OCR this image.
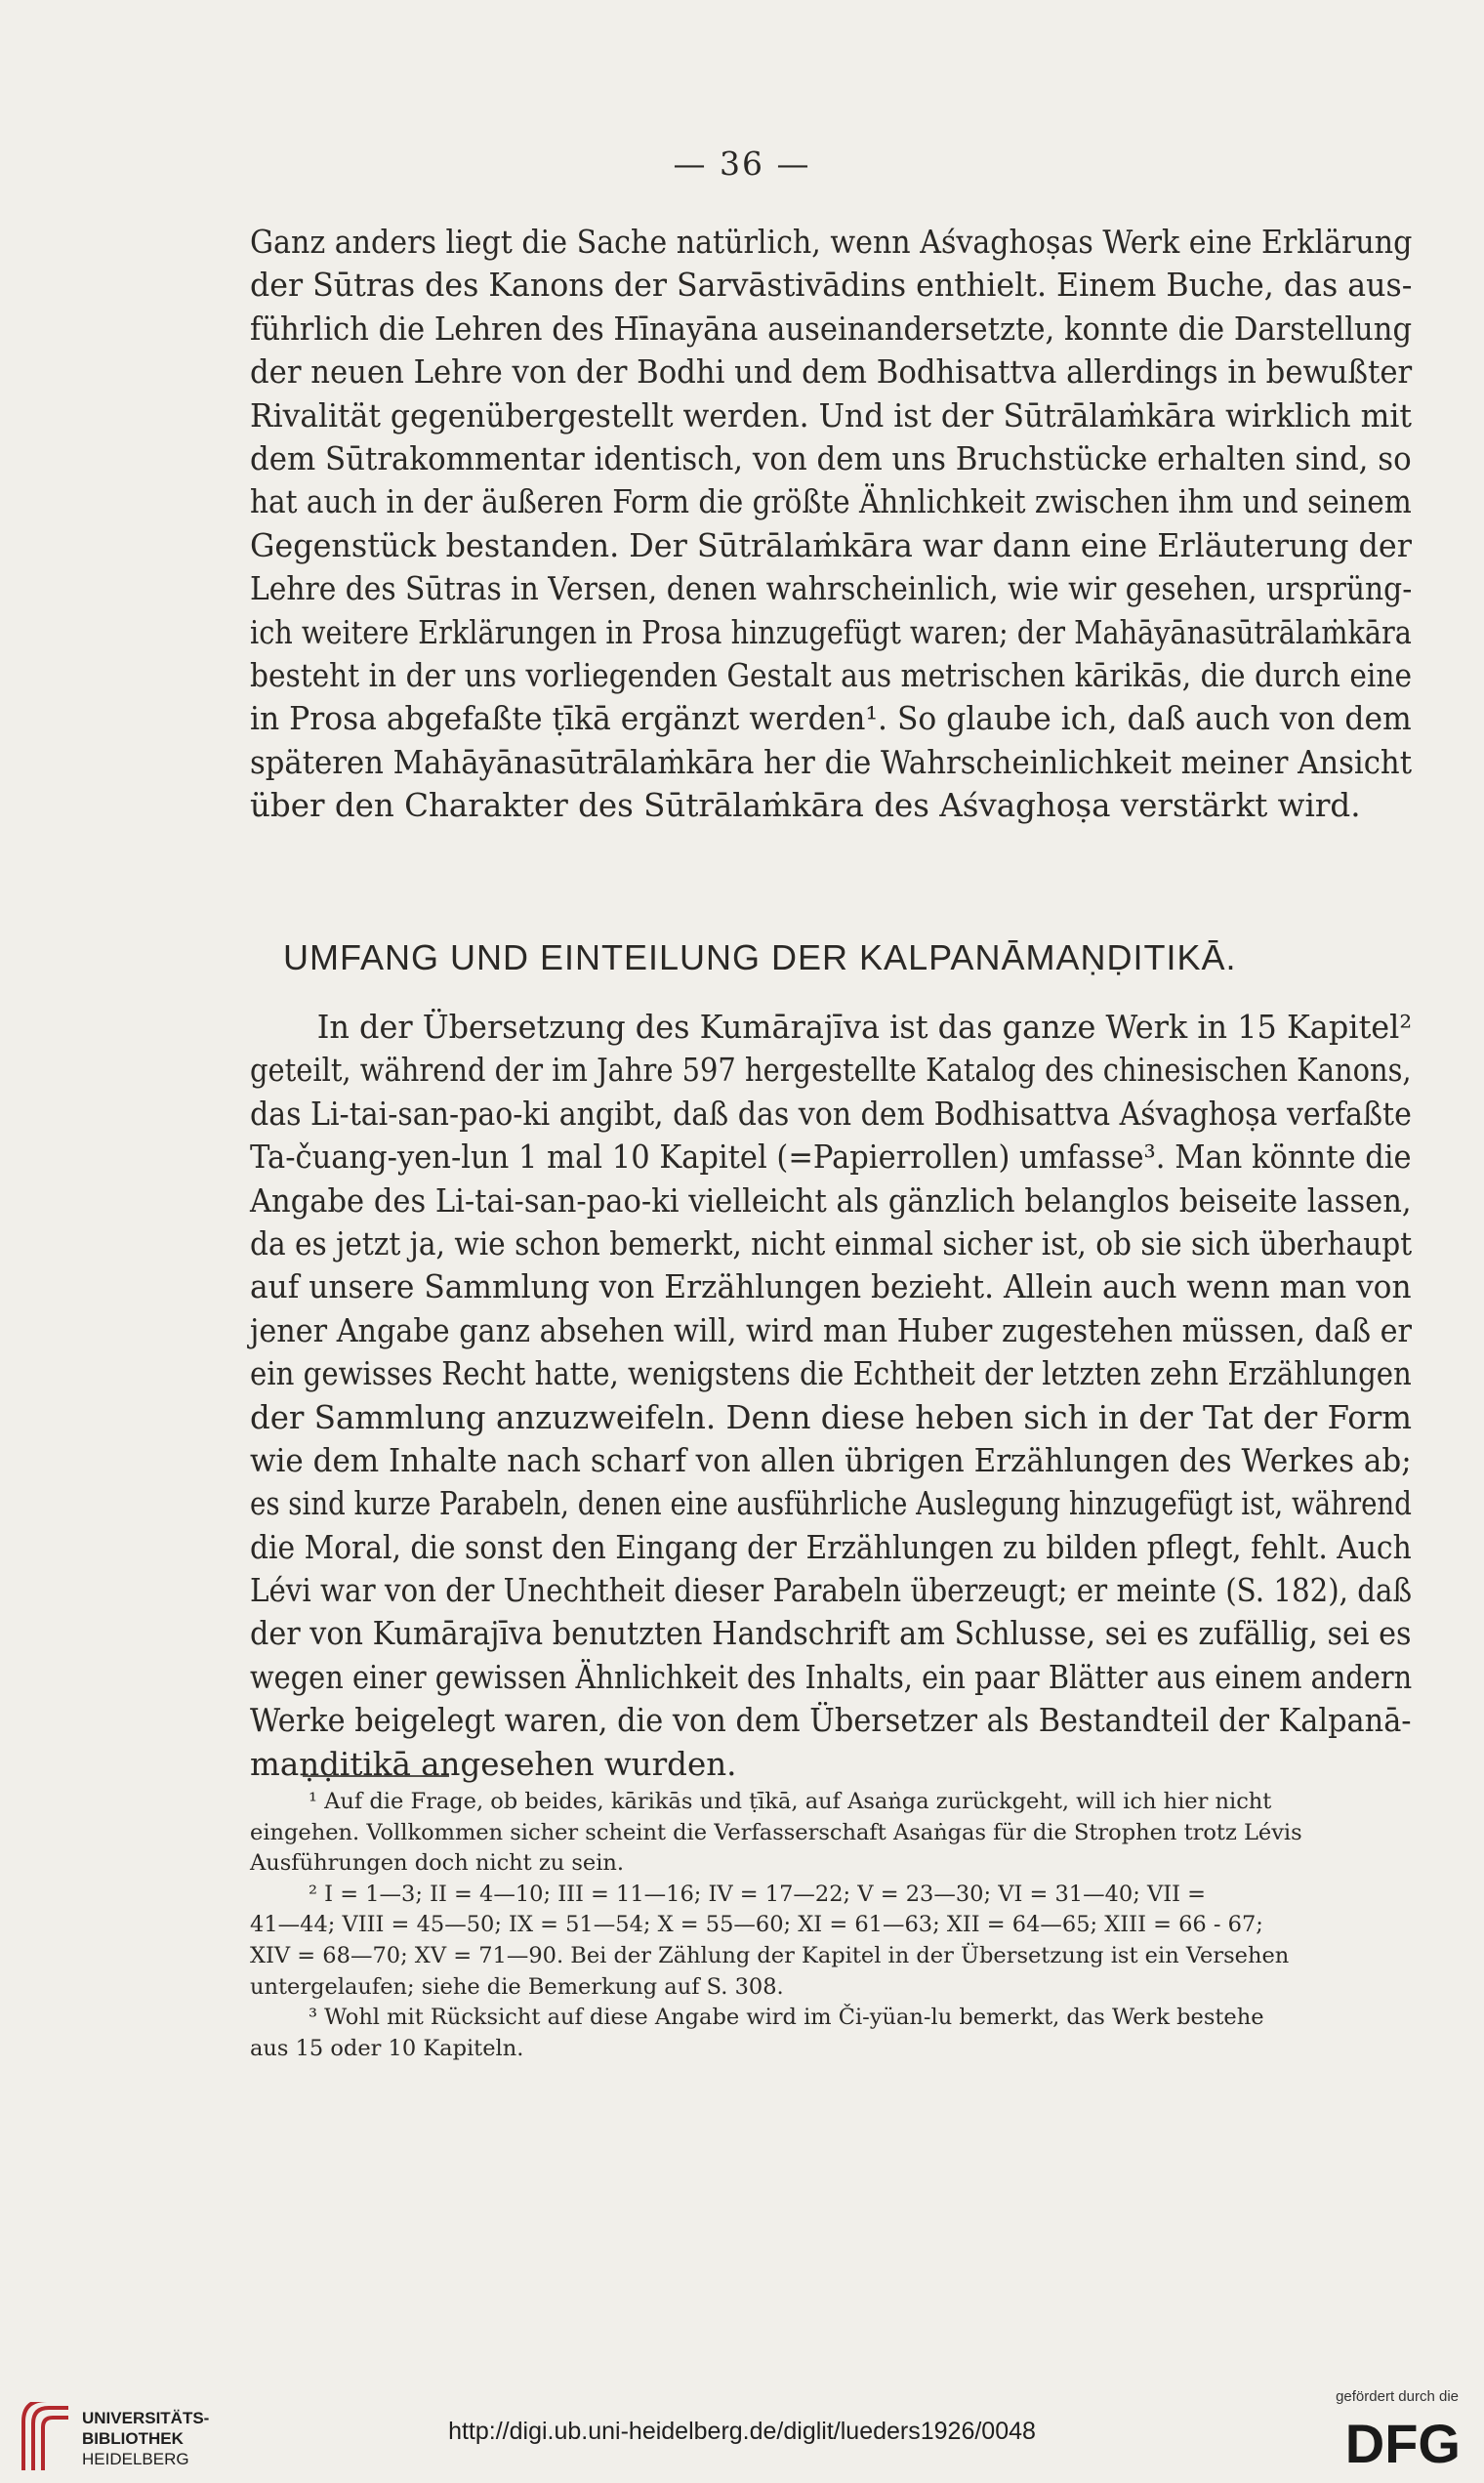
— 36 —
Ganz anders liegt die Sache natürlich, wenn Aśvaghoṣas Werk eine Erklärung
der Sūtras des Kanons der Sarvāstivādins enthielt. Einem Buche, das aus-
führlich die Lehren des Hīnayāna auseinandersetzte, konnte die Darstellung
der neuen Lehre von der Bodhi und dem Bodhisattva allerdings in bewußter
Rivalität gegenübergestellt werden. Und ist der Sūtrālaṁkāra wirklich mit
dem Sūtrakommentar identisch, von dem uns Bruchstücke erhalten sind, so
hat auch in der äußeren Form die größte Ähnlichkeit zwischen ihm und seinem
Gegenstück bestanden. Der Sūtrālaṁkāra war dann eine Erläuterung der
Lehre des Sūtras in Versen, denen wahrscheinlich, wie wir gesehen, ursprüng-
ich weitere Erklärungen in Prosa hinzugefügt waren; der Mahāyānasūtrālaṁkāra
besteht in der uns vorliegenden Gestalt aus metrischen kārikās, die durch eine
in Prosa abgefaßte ṭīkā ergänzt werden¹. So glaube ich, daß auch von dem
späteren Mahāyānasūtrālaṁkāra her die Wahrscheinlichkeit meiner Ansicht
über den Charakter des Sūtrālaṁkāra des Aśvaghoṣa verstärkt wird.
UMFANG UND EINTEILUNG DER KALPANĀMAṆḌITIKĀ.
In der Übersetzung des Kumārajīva ist das ganze Werk in 15 Kapitel²
geteilt, während der im Jahre 597 hergestellte Katalog des chinesischen Kanons,
das Li-tai-san-pao-ki angibt, daß das von dem Bodhisattva Aśvaghoṣa verfaßte
Ta-čuang-yen-lun 1 mal 10 Kapitel (=Papierrollen) umfasse³. Man könnte die
Angabe des Li-tai-san-pao-ki vielleicht als gänzlich belanglos beiseite lassen,
da es jetzt ja, wie schon bemerkt, nicht einmal sicher ist, ob sie sich überhaupt
auf unsere Sammlung von Erzählungen bezieht. Allein auch wenn man von
jener Angabe ganz absehen will, wird man Huber zugestehen müssen, daß er
ein gewisses Recht hatte, wenigstens die Echtheit der letzten zehn Erzählungen
der Sammlung anzuzweifeln. Denn diese heben sich in der Tat der Form
wie dem Inhalte nach scharf von allen übrigen Erzählungen des Werkes ab;
es sind kurze Parabeln, denen eine ausführliche Auslegung hinzugefügt ist, während
die Moral, die sonst den Eingang der Erzählungen zu bilden pflegt, fehlt. Auch
Lévi war von der Unechtheit dieser Parabeln überzeugt; er meinte (S. 182), daß
der von Kumārajīva benutzten Handschrift am Schlusse, sei es zufällig, sei es
wegen einer gewissen Ähnlichkeit des Inhalts, ein paar Blätter aus einem andern
Werke beigelegt waren, die von dem Übersetzer als Bestandteil der Kalpanā-
maṇḍitikā angesehen wurden.
¹ Auf die Frage, ob beides, kārikās und ṭīkā, auf Asaṅga zurückgeht, will ich hier nicht
eingehen. Vollkommen sicher scheint die Verfasserschaft Asaṅgas für die Strophen trotz Lévis
Ausführungen doch nicht zu sein.
² I = 1—3; II = 4—10; III = 11—16; IV = 17—22; V = 23—30; VI = 31—40; VII =
41—44; VIII = 45—50; IX = 51—54; X = 55—60; XI = 61—63; XII = 64—65; XIII = 66 - 67;
XIV = 68—70; XV = 71—90. Bei der Zählung der Kapitel in der Übersetzung ist ein Versehen
untergelaufen; siehe die Bemerkung auf S. 308.
³ Wohl mit Rücksicht auf diese Angabe wird im Či-yüan-lu bemerkt, das Werk bestehe
aus 15 oder 10 Kapiteln.
UNIVERSITÄTS-
BIBLIOTHEK
HEIDELBERG
http://digi.ub.uni-heidelberg.de/diglit/lueders1926/0048
gefördert durch die
DFG
